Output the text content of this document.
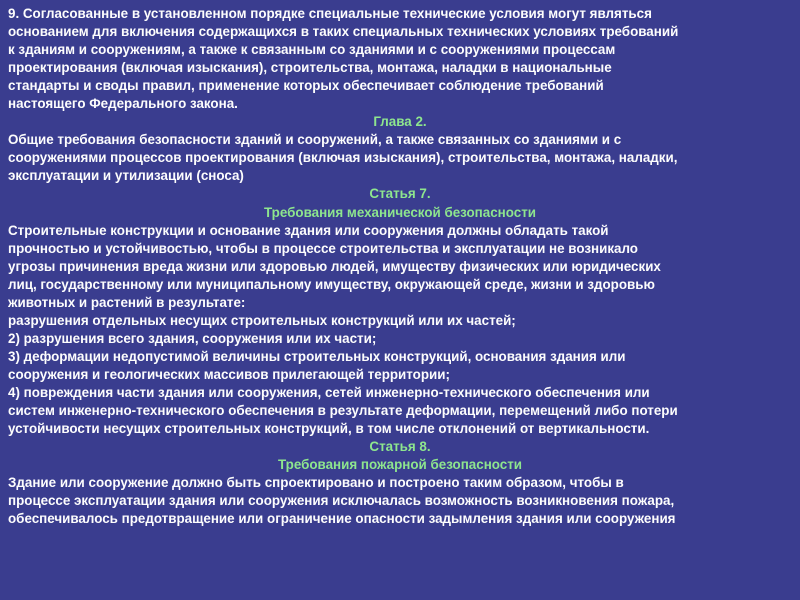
9. Согласованные в установленном порядке специальные технические условия могут являться
основанием для включения содержащихся в таких специальных технических условиях требований
к зданиям и сооружениям, а также к связанным со зданиями и с сооружениями процессам
проектирования (включая изыскания), строительства, монтажа, наладки в национальные
стандарты и своды правил, применение которых обеспечивает соблюдение требований
настоящего Федерального закона.

Глава 2.

Общие требования безопасности зданий и сооружений, а также связанных со зданиями и с
сооружениями процессов проектирования (включая изыскания), строительства, монтажа, наладки,
эксплуатации и утилизации (сноса)

Статья 7.

Требования механической безопасности

Строительные конструкции и основание здания или сооружения должны обладать такой
прочностью и устойчивостью, чтобы в процессе строительства и эксплуатации не возникало
угрозы причинения вреда жизни или здоровью людей, имуществу физических или юридических
лиц, государственному или муниципальному имуществу, окружающей среде, жизни и здоровью
животных и растений в результате:

разрушения отдельных несущих строительных конструкций или их частей;

2) разрушения всего здания, сооружения или их части;

3) деформации недопустимой величины строительных конструкций, основания здания или
сооружения и геологических массивов прилегающей территории;

4) повреждения части здания или сооружения, сетей инженерно-технического обеспечения или
систем инженерно-технического обеспечения в результате деформации, перемещений либо потери
устойчивости несущих строительных конструкций, в том числе отклонений от вертикальности.

Статья 8.

Требования пожарной безопасности

Здание или сооружение должно быть спроектировано и построено таким образом, чтобы в
процессе эксплуатации здания или сооружения исключалась возможность возникновения пожара,
обеспечивалось предотвращение или ограничение опасности задымления здания или сооружения
